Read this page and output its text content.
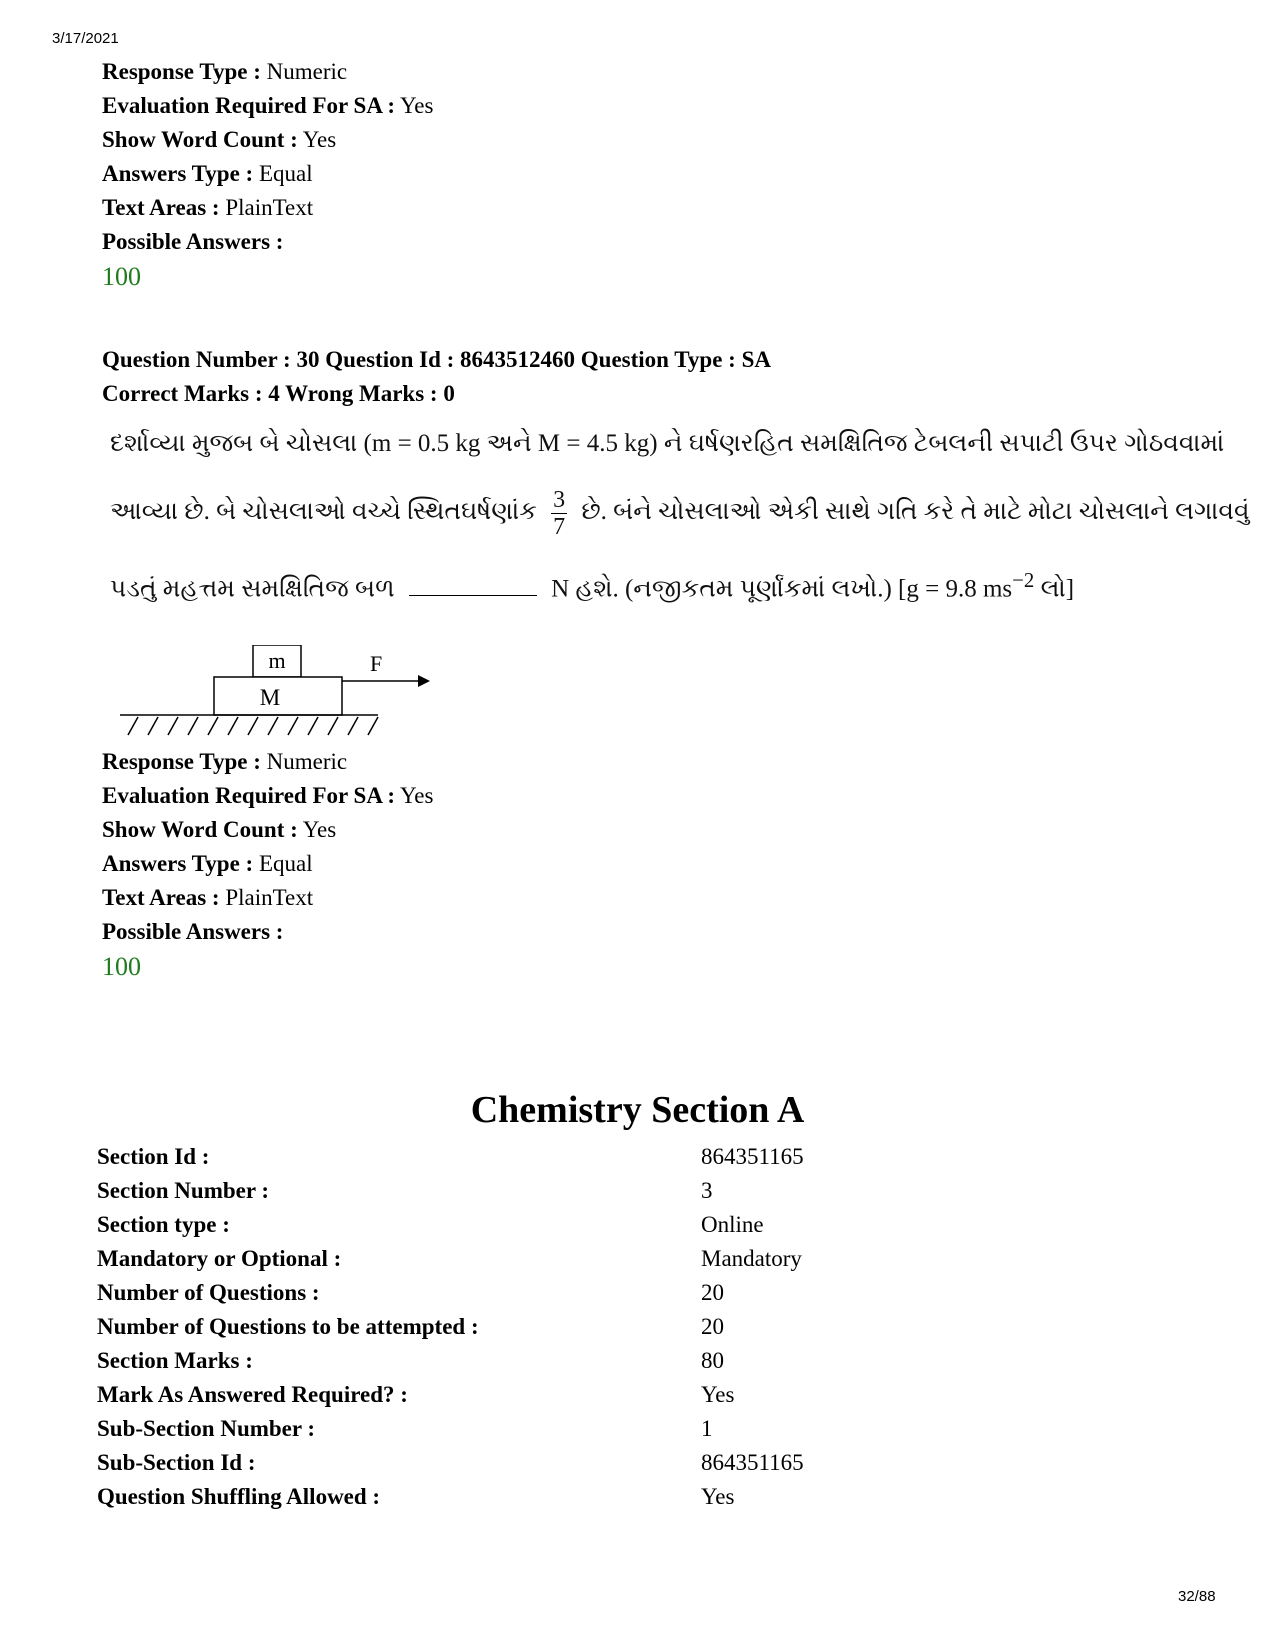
3/17/2021
Response Type : Numeric
Evaluation Required For SA : Yes
Show Word Count : Yes
Answers Type : Equal
Text Areas : PlainText
Possible Answers :
100
Question Number : 30 Question Id : 8643512460 Question Type : SA
Correct Marks : 4 Wrong Marks : 0
દર્શાવ્યા મુજબ બે ચોસલા (m = 0.5 kg અને M = 4.5 kg) ને ઘર્ષણરહિત સમક્ષિતિજ ટેબલની સપાટી ઉપર ગોઠવવામાં
આવ્યા છે. બે ચોસલાઓ વચ્ચે સ્થિતઘર્ષણાંક $\frac{3}{7}$ છે. બંને ચોસલાઓ એકી સાથે ગતિ કરે તે માટે મોટા ચોસલાને લગાવવું
પડતું મહત્તમ સમક્ષિતિજ બળ	N હશે. (નજીકતમ પૂર્ણાંકમાં લખો.) [g = 9.8 $ms^{-2}$ લો]
m
M
F
Response Type : Numeric
Evaluation Required For SA : Yes
Show Word Count : Yes
Answers Type : Equal
Text Areas : PlainText
Possible Answers :
100
Chemistry Section A
Section Id :	864351165
Section Number :	3
Section type :	Online
Mandatory or Optional :	Mandatory
Number of Questions :	20
Number of Questions to be attempted :	20
Section Marks :	80
Mark As Answered Required? :	Yes
Sub-Section Number :	1
Sub-Section Id :	864351165
Question Shuffling Allowed :	Yes
32/88
